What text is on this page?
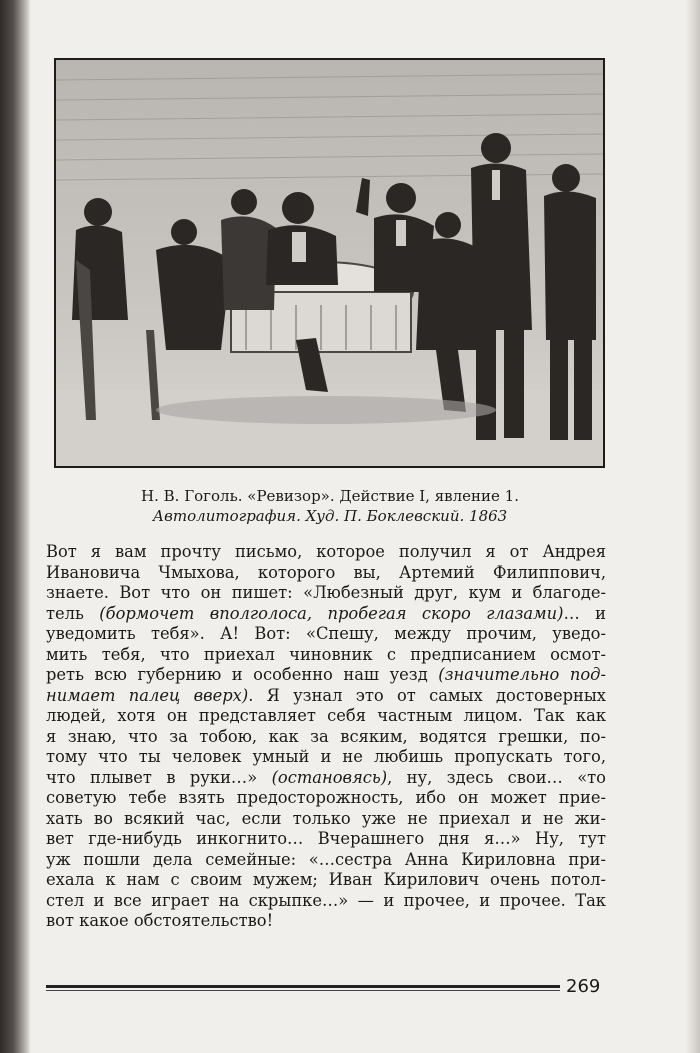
Н. В. Гоголь. «Ревизор». Действие I, явление 1.
Автолитография. Худ. П. Боклевский. 1863
Вот я вам прочту письмо, которое получил я от Андрея
Ивановича Чмыхова, которого вы, Артемий Филиппович,
знаете. Вот что он пишет: «Любезный друг, кум и благоде-
тель (бормочет вполголоса, пробегая скоро глазами)… и
уведомить тебя». А! Вот: «Спешу, между прочим, уведо-
мить тебя, что приехал чиновник с предписанием осмот-
реть всю губернию и особенно наш уезд (значительно под-
нимает палец вверх). Я узнал это от самых достоверных
людей, хотя он представляет себя частным лицом. Так как
я знаю, что за тобою, как за всяким, водятся грешки, по-
тому что ты человек умный и не любишь пропускать того,
что плывет в руки…» (остановясь), ну, здесь свои… «то
советую тебе взять предосторожность, ибо он может прие-
хать во всякий час, если только уже не приехал и не жи-
вет где-нибудь инкогнито… Вчерашнего дня я…» Ну, тут
уж пошли дела семейные: «…сестра Анна Кириловна при-
ехала к нам с своим мужем; Иван Кирилович очень потол-
стел и все играет на скрыпке…» — и прочее, и прочее. Так
вот какое обстоятельство!
269
